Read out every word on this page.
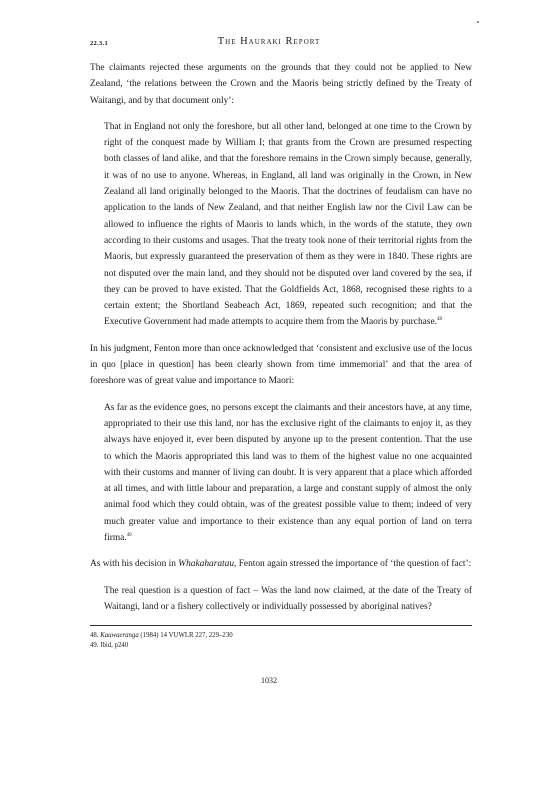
22.3.1	The Hauraki Report

The claimants rejected these arguments on the grounds that they could not be applied to New Zealand, ‘the relations between the Crown and the Maoris being strictly defined by the Treaty of Waitangi, and by that document only’:

That in England not only the foreshore, but all other land, belonged at one time to the Crown by right of the conquest made by William I; that grants from the Crown are presumed respecting both classes of land alike, and that the foreshore remains in the Crown simply because, generally, it was of no use to anyone. Whereas, in England, all land was originally in the Crown, in New Zealand all land originally belonged to the Maoris. That the doctrines of feudalism can have no application to the lands of New Zealand, and that neither English law nor the Civil Law can be allowed to influence the rights of Maoris to lands which, in the words of the statute, they own according to their customs and usages. That the treaty took none of their territorial rights from the Maoris, but expressly guaranteed the preservation of them as they were in 1840. These rights are not disputed over the main land, and they should not be disputed over land covered by the sea, if they can be proved to have existed. That the Goldfields Act, 1868, recognised these rights to a certain extent; the Shortland Seabeach Act, 1869, repeated such recognition; and that the Executive Government had made attempts to acquire them from the Maoris by purchase.$^{48}$

In his judgment, Fenton more than once acknowledged that ‘consistent and exclusive use of the locus in quo [place in question] has been clearly shown from time immemorial’ and that the area of foreshore was of great value and importance to Maori:

As far as the evidence goes, no persons except the claimants and their ancestors have, at any time, appropriated to their use this land, nor has the exclusive right of the claimants to enjoy it, as they always have enjoyed it, ever been disputed by anyone up to the present contention. That the use to which the Maoris appropriated this land was to them of the highest value no one acquainted with their customs and manner of living can doubt. It is very apparent that a place which afforded at all times, and with little labour and preparation, a large and constant supply of almost the only animal food which they could obtain, was of the greatest possible value to them; indeed of very much greater value and importance to their existence than any equal portion of land on terra firma.$^{49}$

As with his decision in Whakaharatau, Fenton again stressed the importance of ‘the question of fact’:

The real question is a question of fact – Was the land now claimed, at the date of the Treaty of Waitangi, land or a fishery collectively or individually possessed by aboriginal natives?

48. Kauwaeranga (1984) 14 VUWLR 227, 229–230
49. Ibid, p240
1032
